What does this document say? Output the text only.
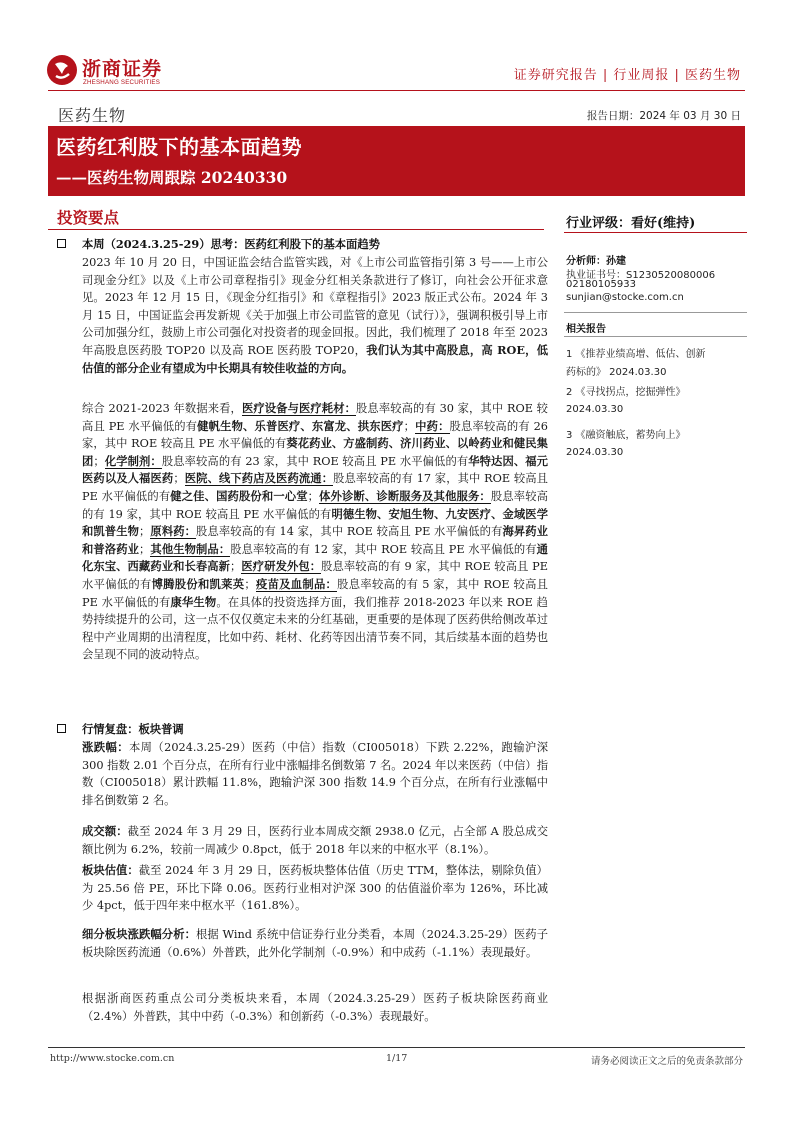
浙商证券
ZHESHANG SECURITIES	证券研究报告 | 行业周报 | 医药生物
医药生物	报告日期：2024 年 03 月 30 日
医药红利股下的基本面趋势
——医药生物周跟踪 20240330
投资要点	行业评级：看好(维持)
分析师：孙建
执业证书号：S1230520080006
02180105933
sunjian@stocke.com.cn
相关报告
1 《推荐业绩高增、低估、创新
药标的》 2024.03.30
2 《寻找拐点，挖掘弹性》
2024.03.30
3 《融资触底，蓄势向上》
2024.03.30
本周（2024.3.25-29）思考：医药红利股下的基本面趋势
2023 年 10 月 20 日，中国证监会结合监管实践，对《上市公司监管指引第 3 号——上市公司现金分红》以及《上市公司章程指引》现金分红相关条款进行了修订，向社会公开征求意见。2023 年 12 月 15 日，《现金分红指引》和《章程指引》2023 版正式公布。2024 年 3 月 15 日，中国证监会再发新规《关于加强上市公司监管的意见（试行）》，强调积极引导上市公司加强分红，鼓励上市公司强化对投资者的现金回报。因此，我们梳理了 2018 年至 2023 年高股息医药股 TOP20 以及高 ROE 医药股 TOP20，我们认为其中高股息，高 ROE，低估值的部分企业有望成为中长期具有较佳收益的方向。
综合 2021-2023 年数据来看，医疗设备与医疗耗材：股息率较高的有 30 家，其中 ROE 较高且 PE 水平偏低的有健帆生物、乐普医疗、东富龙、拱东医疗；中药：股息率较高的有 26 家，其中 ROE 较高且 PE 水平偏低的有葵花药业、方盛制药、济川药业、以岭药业和健民集团；化学制剂：股息率较高的有 23 家，其中 ROE 较高且 PE 水平偏低的有华特达因、福元医药以及人福医药；医院、线下药店及医药流通：股息率较高的有 17 家，其中 ROE 较高且 PE 水平偏低的有健之佳、国药股份和一心堂；体外诊断、诊断服务及其他服务：股息率较高的有 19 家，其中 ROE 较高且 PE 水平偏低的有明德生物、安旭生物、九安医疗、金域医学和凯普生物；原料药：股息率较高的有 14 家，其中 ROE 较高且 PE 水平偏低的有海昇药业和普洛药业；其他生物制品：股息率较高的有 12 家，其中 ROE 较高且 PE 水平偏低的有通化东宝、西藏药业和长春高新；医疗研发外包：股息率较高的有 9 家，其中 ROE 较高且 PE 水平偏低的有博腾股份和凯莱英；疫苗及血制品：股息率较高的有 5 家，其中 ROE 较高且 PE 水平偏低的有康华生物。在具体的投资选择方面，我们推荐 2018-2023 年以来 ROE 趋势持续提升的公司，这一点不仅仅奠定未来的分红基础，更重要的是体现了医药供给侧改革过程中产业周期的出清程度，比如中药、耗材、化药等因出清节奏不同，其后续基本面的趋势也会呈现不同的波动特点。
行情复盘：板块普调
涨跌幅：本周（2024.3.25-29）医药（中信）指数（CI005018）下跌 2.22%，跑输沪深 300 指数 2.01 个百分点，在所有行业中涨幅排名倒数第 7 名。2024 年以来医药（中信）指数（CI005018）累计跌幅 11.8%，跑输沪深 300 指数 14.9 个百分点，在所有行业涨幅中排名倒数第 2 名。
成交额：截至 2024 年 3 月 29 日，医药行业本周成交额 2938.0 亿元，占全部 A 股总成交额比例为 6.2%，较前一周减少 0.8pct，低于 2018 年以来的中枢水平（8.1%）。
板块估值：截至 2024 年 3 月 29 日，医药板块整体估值（历史 TTM，整体法，剔除负值）为 25.56 倍 PE，环比下降 0.06。医药行业相对沪深 300 的估值溢价率为 126%，环比减少 4pct，低于四年来中枢水平（161.8%）。
细分板块涨跌幅分析：根据 Wind 系统中信证券行业分类看，本周（2024.3.25-29）医药子板块除医药流通（0.6%）外普跌，此外化学制剂（-0.9%）和中成药（-1.1%）表现最好。
根据浙商医药重点公司分类板块来看，本周（2024.3.25-29）医药子板块除医药商业（2.4%）外普跌，其中中药（-0.3%）和创新药（-0.3%）表现最好。
http://www.stocke.com.cn	1/17	请务必阅读正文之后的免责条款部分
